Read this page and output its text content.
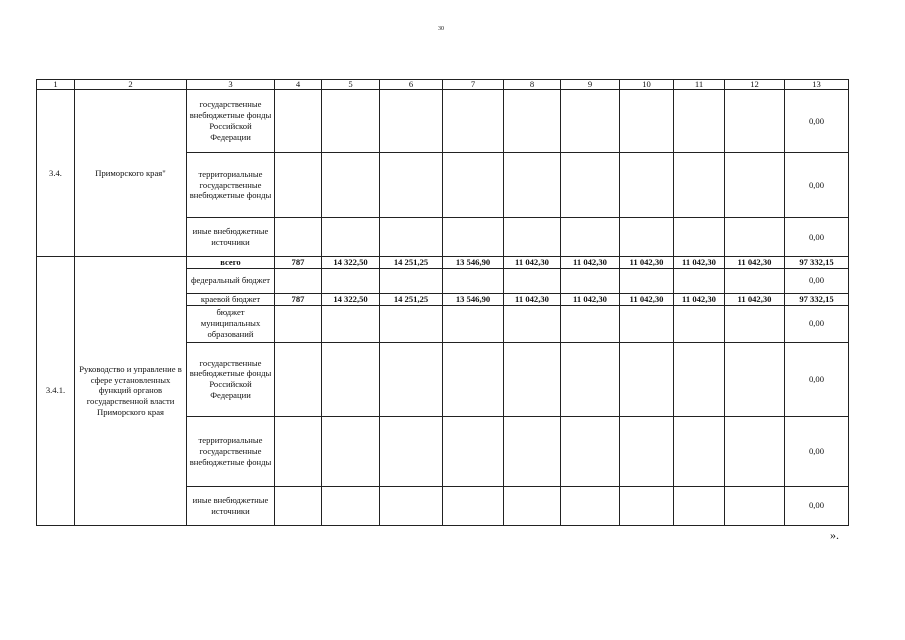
30
1	2	3	4	5	6	7	8	9	10	11	12	13
3.4.	Приморского края"	государственные внебюджетные фонды Российской Федерации										0,00
		территориальные государственные внебюджетные фонды										0,00
		иные внебюджетные источники										0,00
3.4.1.	Руководство и управление в сфере установленных функций органов государственной власти Приморского края	всего	787	14 322,50	14 251,25	13 546,90	11 042,30	11 042,30	11 042,30	11 042,30	11 042,30	97 332,15
		федеральный бюджет										0,00
		краевой бюджет	787	14 322,50	14 251,25	13 546,90	11 042,30	11 042,30	11 042,30	11 042,30	11 042,30	97 332,15
		бюджет муниципальных образований										0,00
		государственные внебюджетные фонды Российской Федерации										0,00
		территориальные государственные внебюджетные фонды										0,00
		иные внебюджетные источники										0,00
».
